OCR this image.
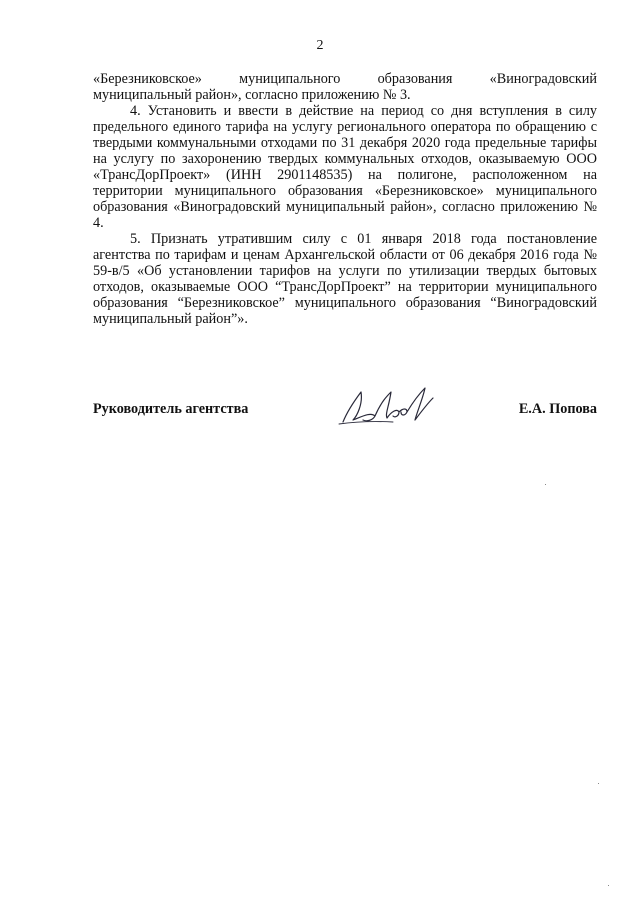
2

«Березниковское» муниципального образования «Виноградовский муниципальный район», согласно приложению № 3.

4. Установить и ввести в действие на период со дня вступления в силу предельного единого тарифа на услугу регионального оператора по обращению с твердыми коммунальными отходами по 31 декабря 2020 года предельные тарифы на услугу по захоронению твердых коммунальных отходов, оказываемую ООО «ТрансДорПроект» (ИНН 2901148535) на полигоне, расположенном на территории муниципального образования «Березниковское» муниципального образования «Виноградовский муниципальный район», согласно приложению № 4.

5. Признать утратившим силу с 01 января 2018 года постановление агентства по тарифам и ценам Архангельской области от 06 декабря 2016 года № 59-в/5 «Об установлении тарифов на услуги по утилизации твердых бытовых отходов, оказываемые ООО “ТрансДорПроект” на территории муниципального образования “Березниковское” муниципального образования “Виноградовский муниципальный район”».

Руководитель агентства	Е.А. Попова
